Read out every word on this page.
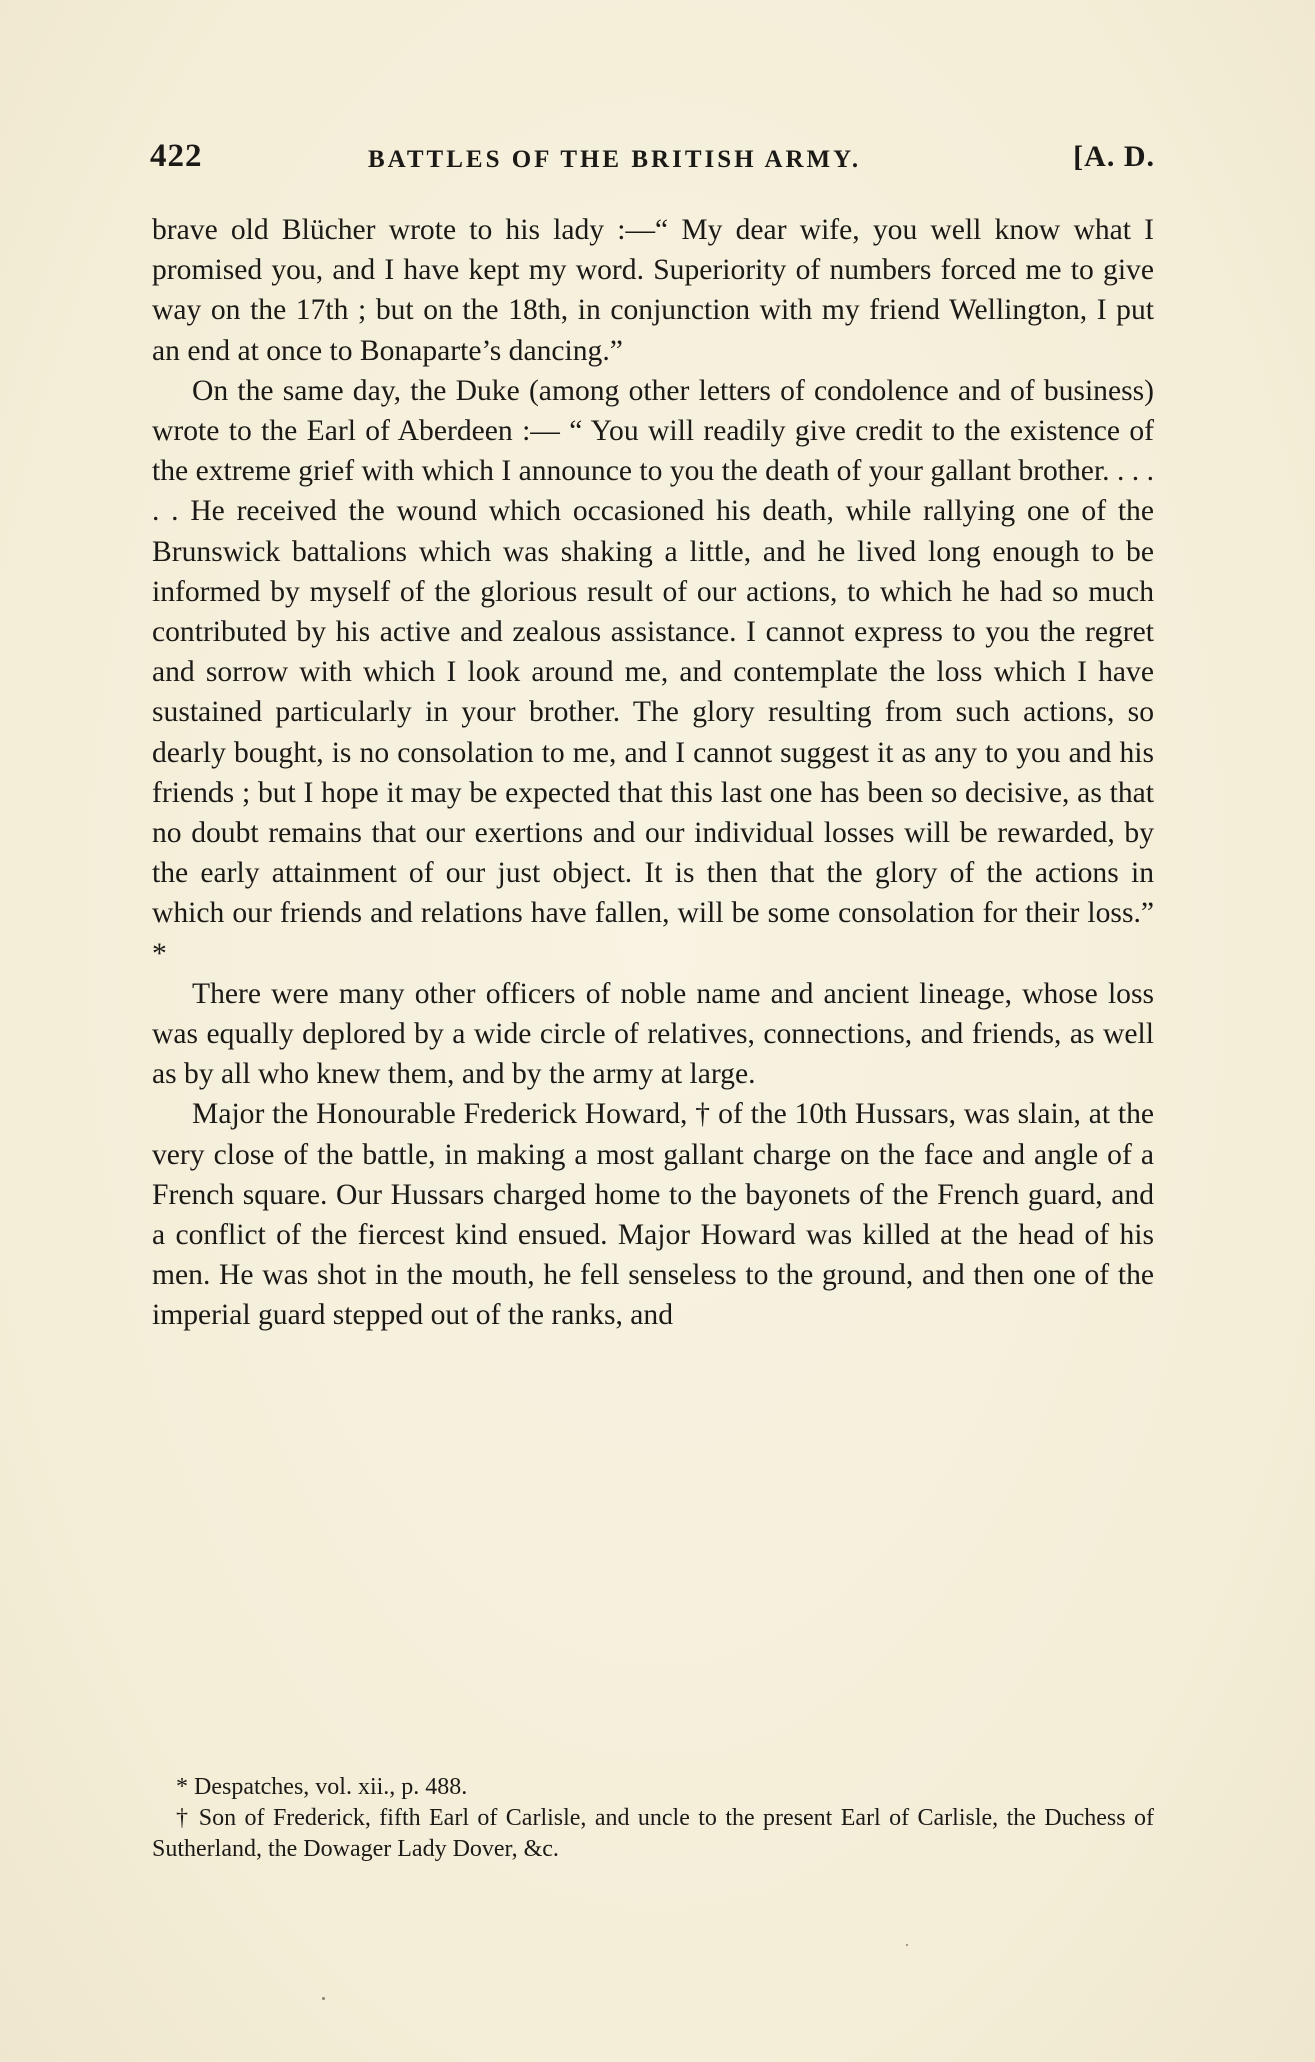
422	BATTLES OF THE BRITISH ARMY.	[A. D.

brave old Blücher wrote to his lady :—“ My dear wife, you well know what I promised you, and I have kept my word. Superiority of numbers forced me to give way on the 17th ; but on the 18th, in conjunction with my friend Wellington, I put an end at once to Bonaparte’s dancing.”

On the same day, the Duke (among other letters of condolence and of business) wrote to the Earl of Aberdeen :— “ You will readily give credit to the existence of the extreme grief with which I announce to you the death of your gallant brother. . . . . . He received the wound which occasioned his death, while rallying one of the Brunswick battalions which was shaking a little, and he lived long enough to be informed by myself of the glorious result of our actions, to which he had so much contributed by his active and zealous assistance. I cannot express to you the regret and sorrow with which I look around me, and contemplate the loss which I have sustained particularly in your brother. The glory resulting from such actions, so dearly bought, is no consolation to me, and I cannot suggest it as any to you and his friends ; but I hope it may be expected that this last one has been so decisive, as that no doubt remains that our exertions and our individual losses will be rewarded, by the early attainment of our just object. It is then that the glory of the actions in which our friends and relations have fallen, will be some consolation for their loss.” *

There were many other officers of noble name and ancient lineage, whose loss was equally deplored by a wide circle of relatives, connections, and friends, as well as by all who knew them, and by the army at large.

Major the Honourable Frederick Howard, † of the 10th Hussars, was slain, at the very close of the battle, in making a most gallant charge on the face and angle of a French square. Our Hussars charged home to the bayonets of the French guard, and a conflict of the fiercest kind ensued. Major Howard was killed at the head of his men. He was shot in the mouth, he fell senseless to the ground, and then one of the imperial guard stepped out of the ranks, and

* Despatches, vol. xii., p. 488.

† Son of Frederick, fifth Earl of Carlisle, and uncle to the present Earl of Carlisle, the Duchess of Sutherland, the Dowager Lady Dover, &c.
